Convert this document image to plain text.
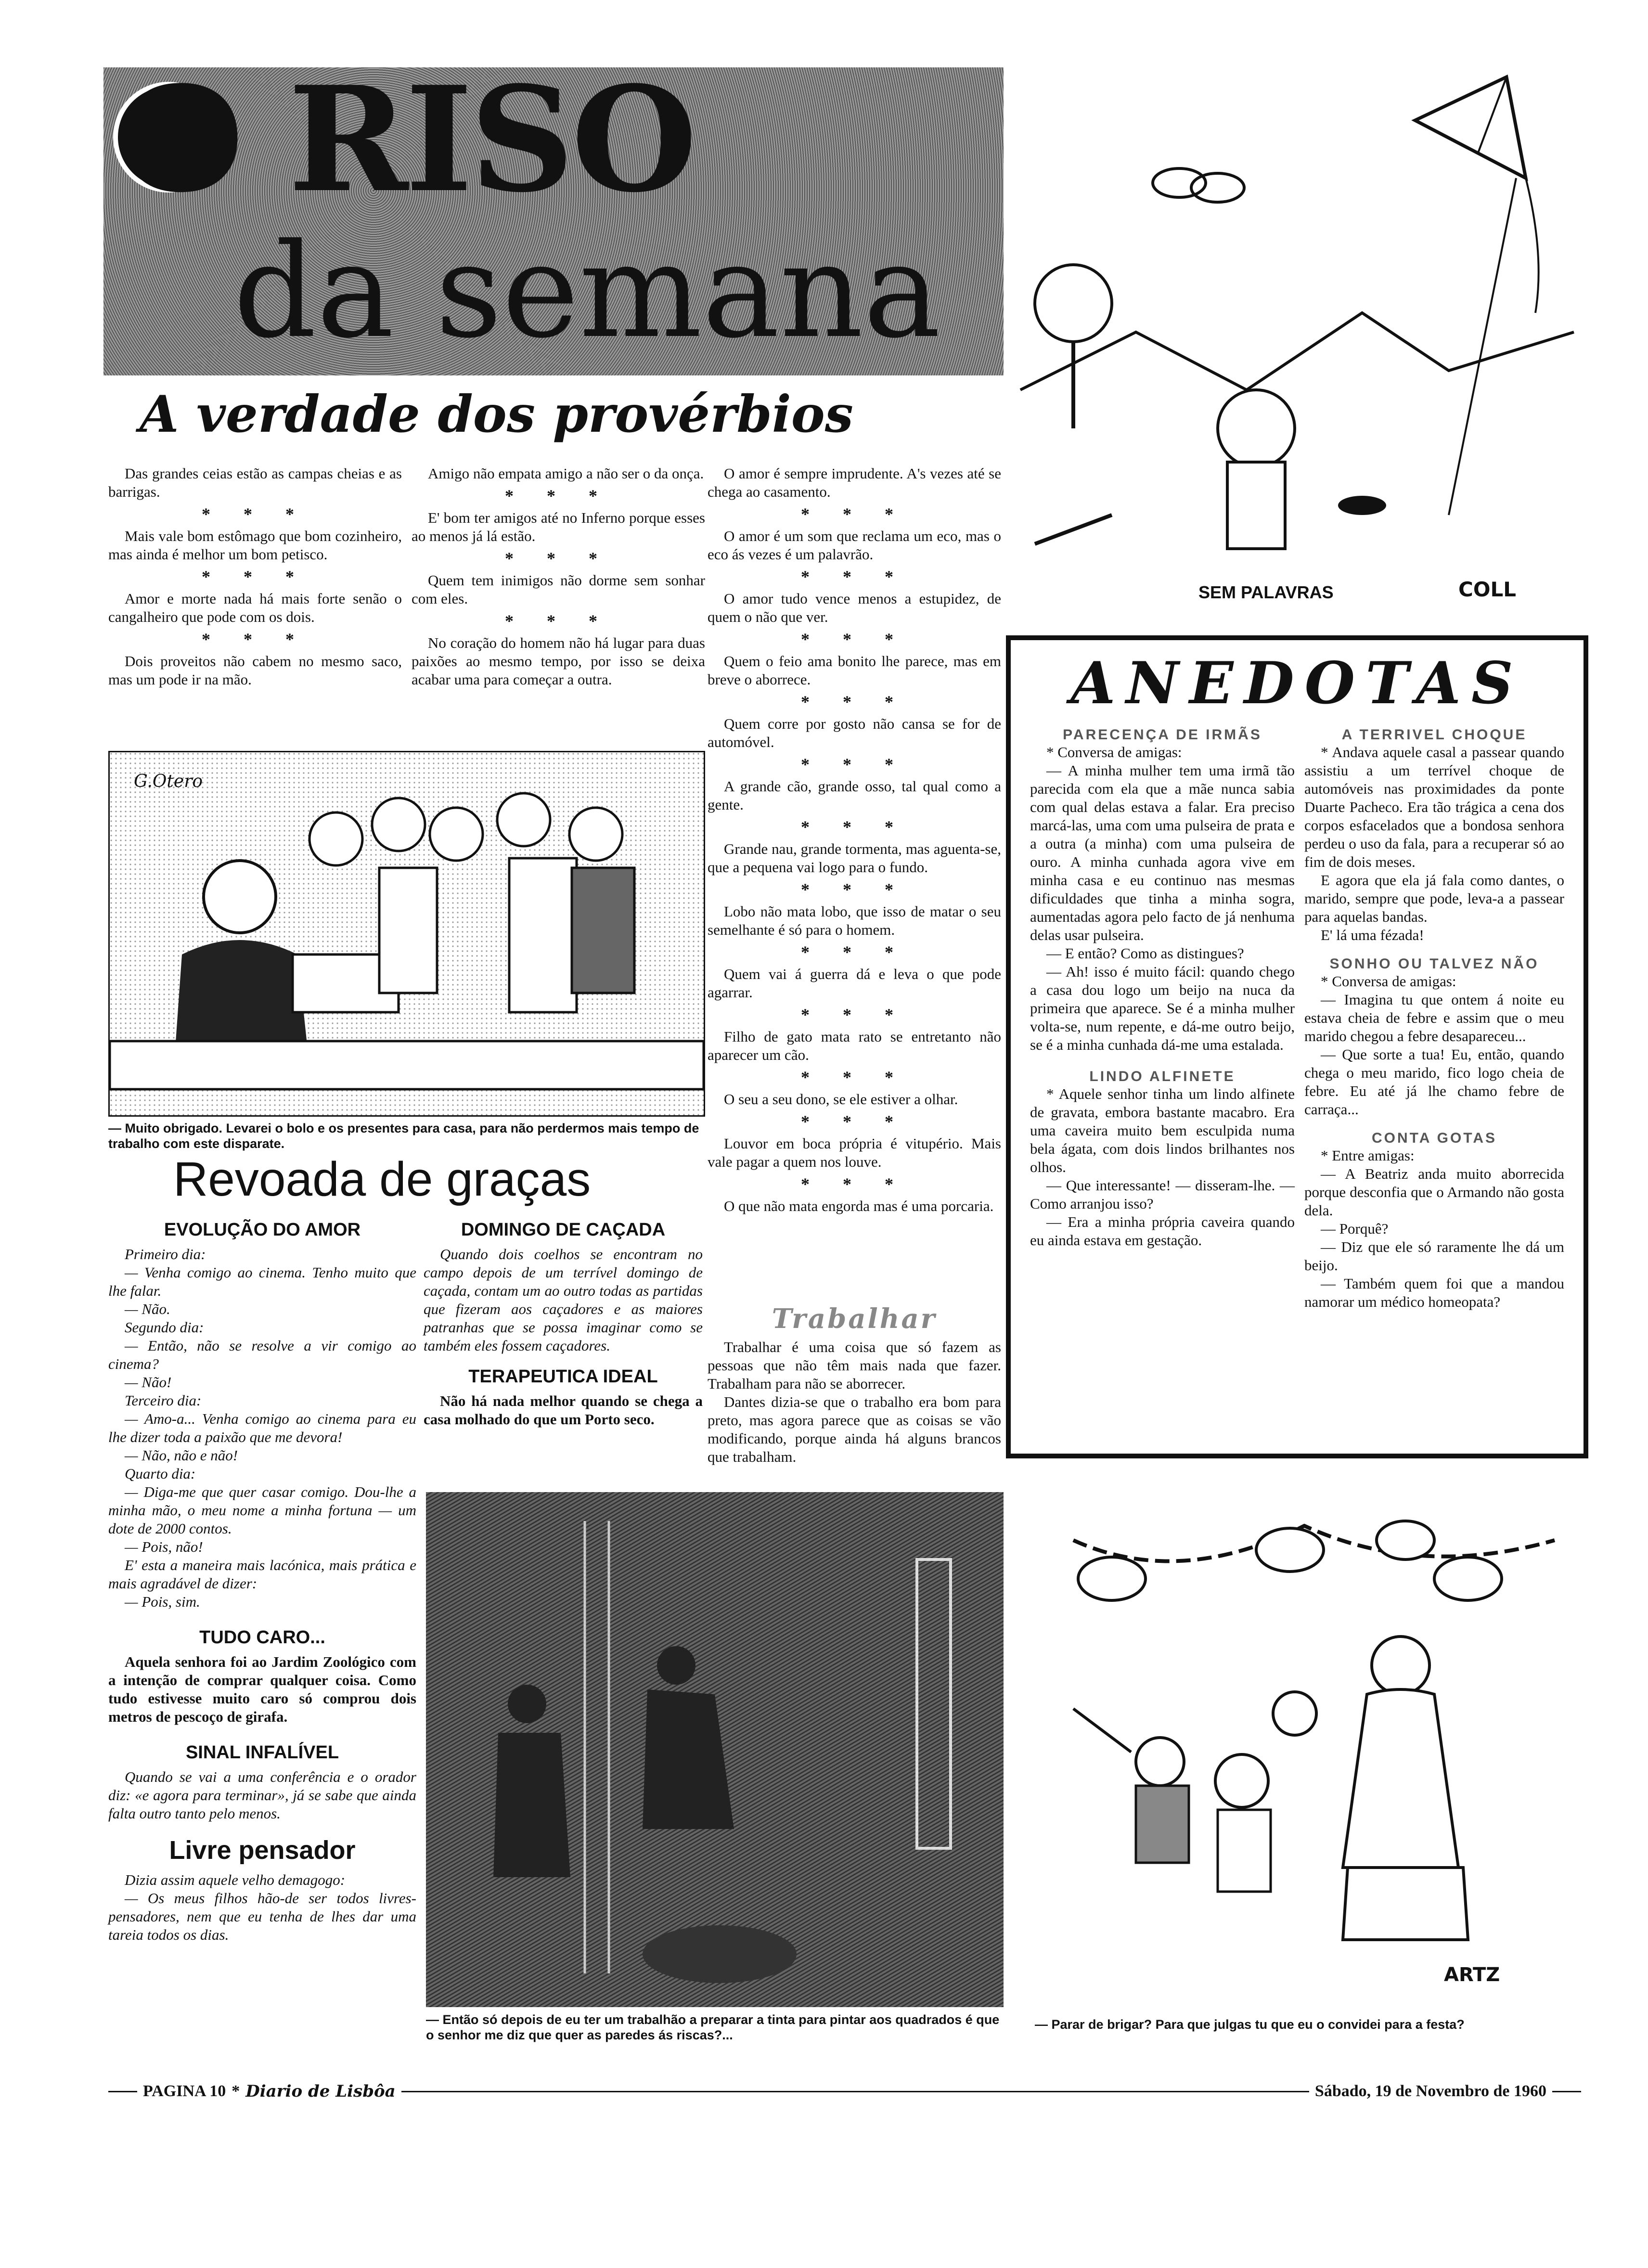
O RISO
da semana
A verdade dos provérbios

Das grandes ceias estão as campas cheias e as barrigas.

* * *

Mais vale bom estômago que bom cozinheiro, mas ainda é melhor um bom petisco.

* * *

Amor e morte nada há mais forte senão o cangalheiro que pode com os dois.

* * *

Dois proveitos não cabem no mesmo saco, mas um pode ir na mão.

Amigo não empata amigo a não ser o da onça.

* * *

E' bom ter amigos até no Inferno porque esses ao menos já lá estão.

* * *

Quem tem inimigos não dorme sem sonhar com eles.

* * *

No coração do homem não há lugar para duas paixões ao mesmo tempo, por isso se deixa acabar uma para começar a outra.

O amor é sempre imprudente. A's vezes até se chega ao casamento.

* * *

O amor é um som que reclama um eco, mas o eco ás vezes é um palavrão.

* * *

O amor tudo vence menos a estupidez, de quem o não que ver.

* * *

Quem o feio ama bonito lhe parece, mas em breve o aborrece.

* * *

Quem corre por gosto não cansa se for de automóvel.

* * *

A grande cão, grande osso, tal qual como a gente.

* * *

Grande nau, grande tormenta, mas aguenta-se, que a pequena vai logo para o fundo.

* * *

Lobo não mata lobo, que isso de matar o seu semelhante é só para o homem.

* * *

Quem vai á guerra dá e leva o que pode agarrar.

* * *

Filho de gato mata rato se entretanto não aparecer um cão.

* * *

O seu a seu dono, se ele estiver a olhar.

* * *

Louvor em boca própria é vitupério. Mais vale pagar a quem nos louve.

* * *

O que não mata engorda mas é uma porcaria.

Trabalhar

Trabalhar é uma coisa que só fazem as pessoas que não têm mais nada que fazer. Trabalham para não se aborrecer.

Dantes dizia-se que o trabalho era bom para preto, mas agora parece que as coisas se vão modificando, porque ainda há alguns brancos que trabalham.

SEM PALAVRAS	COLL
ANEDOTAS
PARECENÇA DE IRMÃS

* Conversa de amigas:

— A minha mulher tem uma irmã tão parecida com ela que a mãe nunca sabia com qual delas estava a falar. Era preciso marcá-las, uma com uma pulseira de prata e a outra (a minha) com uma pulseira de ouro. A minha cunhada agora vive em minha casa e eu continuo nas mesmas dificuldades que tinha a minha sogra, aumentadas agora pelo facto de já nenhuma delas usar pulseira.

— E então? Como as distingues?

— Ah! isso é muito fácil: quando chego a casa dou logo um beijo na nuca da primeira que aparece. Se é a minha mulher volta-se, num repente, e dá-me outro beijo, se é a minha cunhada dá-me uma estalada.

LINDO ALFINETE

* Aquele senhor tinha um lindo alfinete de gravata, embora bastante macabro. Era uma caveira muito bem esculpida numa bela ágata, com dois lindos brilhantes nos olhos.

— Que interessante! — disseram-lhe. — Como arranjou isso?

— Era a minha própria caveira quando eu ainda estava em gestação.

A TERRIVEL CHOQUE

* Andava aquele casal a passear quando assistiu a um terrível choque de automóveis nas proximidades da ponte Duarte Pacheco. Era tão trágica a cena dos corpos esfacelados que a bondosa senhora perdeu o uso da fala, para a recuperar só ao fim de dois meses.

E agora que ela já fala como dantes, o marido, sempre que pode, leva-a a passear para aquelas bandas.

E' lá uma fézada!

SONHO OU TALVEZ NÃO

* Conversa de amigas:

— Imagina tu que ontem á noite eu estava cheia de febre e assim que o meu marido chegou a febre desapareceu...

— Que sorte a tua! Eu, então, quando chega o meu marido, fico logo cheia de febre. Eu até já lhe chamo febre de carraça...

CONTA GOTAS

* Entre amigas:

— A Beatriz anda muito aborrecida porque desconfia que o Armando não gosta dela.

— Porquê?

— Diz que ele só raramente lhe dá um beijo.

— Também quem foi que a mandou namorar um médico homeopata?

G.Otero
— Muito obrigado. Levarei o bolo e os presentes para casa, para não perdermos mais tempo de trabalho com este disparate.
Revoada de graças
EVOLUÇÃO DO AMOR

Primeiro dia:

— Venha comigo ao cinema. Tenho muito que lhe falar.

— Não.

Segundo dia:

— Então, não se resolve a vir comigo ao cinema?

— Não!

Terceiro dia:

— Amo-a... Venha comigo ao cinema para eu lhe dizer toda a paixão que me devora!

— Não, não e não!

Quarto dia:

— Diga-me que quer casar comigo. Dou-lhe a minha mão, o meu nome a minha fortuna — um dote de 2000 contos.

— Pois, não!

E' esta a maneira mais lacónica, mais prática e mais agradável de dizer:

— Pois, sim.

TUDO CARO...

Aquela senhora foi ao Jardim Zoológico com a intenção de comprar qualquer coisa. Como tudo estivesse muito caro só comprou dois metros de pescoço de girafa.

SINAL INFALÍVEL

Quando se vai a uma conferência e o orador diz: «e agora para terminar», já se sabe que ainda falta outro tanto pelo menos.

Livre pensador

Dizia assim aquele velho demagogo:

— Os meus filhos hão-de ser todos livres-pensadores, nem que eu tenha de lhes dar uma tareia todos os dias.

DOMINGO DE CAÇADA

Quando dois coelhos se encontram no campo depois de um terrível domingo de caçada, contam um ao outro todas as partidas que fizeram aos caçadores e as maiores patranhas que se possa imaginar como se também eles fossem caçadores.

TERAPEUTICA IDEAL

Não há nada melhor quando se chega a casa molhado do que um Porto seco.

— Então só depois de eu ter um trabalhão a preparar a tinta para pintar aos quadrados é que o senhor me diz que quer as paredes ás riscas?...
ARTZ
— Parar de brigar? Para que julgas tu que eu o convidei para a festa?
PAGINA 10 * Diario de Lisbôa	Sábado, 19 de Novembro de 1960
